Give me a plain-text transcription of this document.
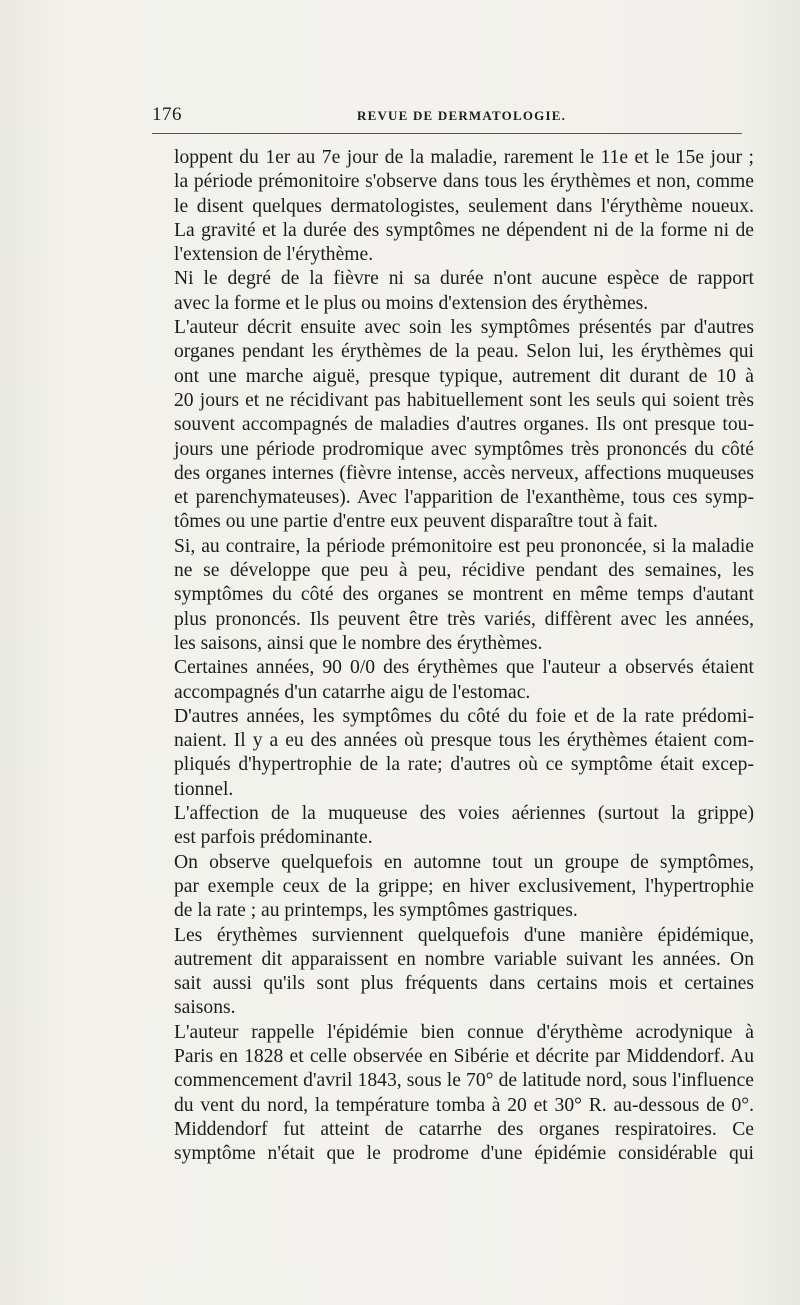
176	REVUE DE DERMATOLOGIE.

loppent du 1er au 7e jour de la maladie, rarement le 11e et le 15e jour ;
la période prémonitoire s'observe dans tous les érythèmes et non, comme
le disent quelques dermatologistes, seulement dans l'érythème noueux.
La gravité et la durée des symptômes ne dépendent ni de la forme ni de
l'extension de l'érythème.

Ni le degré de la fièvre ni sa durée n'ont aucune espèce de rapport
avec la forme et le plus ou moins d'extension des érythèmes.

L'auteur décrit ensuite avec soin les symptômes présentés par d'autres
organes pendant les érythèmes de la peau. Selon lui, les érythèmes qui
ont une marche aiguë, presque typique, autrement dit durant de 10 à
20 jours et ne récidivant pas habituellement sont les seuls qui soient très
souvent accompagnés de maladies d'autres organes. Ils ont presque tou-
jours une période prodromique avec symptômes très prononcés du côté
des organes internes (fièvre intense, accès nerveux, affections muqueuses
et parenchymateuses). Avec l'apparition de l'exanthème, tous ces symp-
tômes ou une partie d'entre eux peuvent disparaître tout à fait.

Si, au contraire, la période prémonitoire est peu prononcée, si la maladie
ne se développe que peu à peu, récidive pendant des semaines, les
symptômes du côté des organes se montrent en même temps d'autant
plus prononcés. Ils peuvent être très variés, diffèrent avec les années,
les saisons, ainsi que le nombre des érythèmes.

Certaines années, 90 0/0 des érythèmes que l'auteur a observés étaient
accompagnés d'un catarrhe aigu de l'estomac.

D'autres années, les symptômes du côté du foie et de la rate prédomi-
naient. Il y a eu des années où presque tous les érythèmes étaient com-
pliqués d'hypertrophie de la rate; d'autres où ce symptôme était excep-
tionnel.

L'affection de la muqueuse des voies aériennes (surtout la grippe)
est parfois prédominante.

On observe quelquefois en automne tout un groupe de symptômes,
par exemple ceux de la grippe; en hiver exclusivement, l'hypertrophie
de la rate ; au printemps, les symptômes gastriques.

Les érythèmes surviennent quelquefois d'une manière épidémique,
autrement dit apparaissent en nombre variable suivant les années. On
sait aussi qu'ils sont plus fréquents dans certains mois et certaines
saisons.

L'auteur rappelle l'épidémie bien connue d'érythème acrodynique à
Paris en 1828 et celle observée en Sibérie et décrite par Middendorf. Au
commencement d'avril 1843, sous le 70° de latitude nord, sous l'influence
du vent du nord, la température tomba à 20 et 30° R. au-dessous de 0°.
Middendorf fut atteint de catarrhe des organes respiratoires. Ce
symptôme n'était que le prodrome d'une épidémie considérable qui
